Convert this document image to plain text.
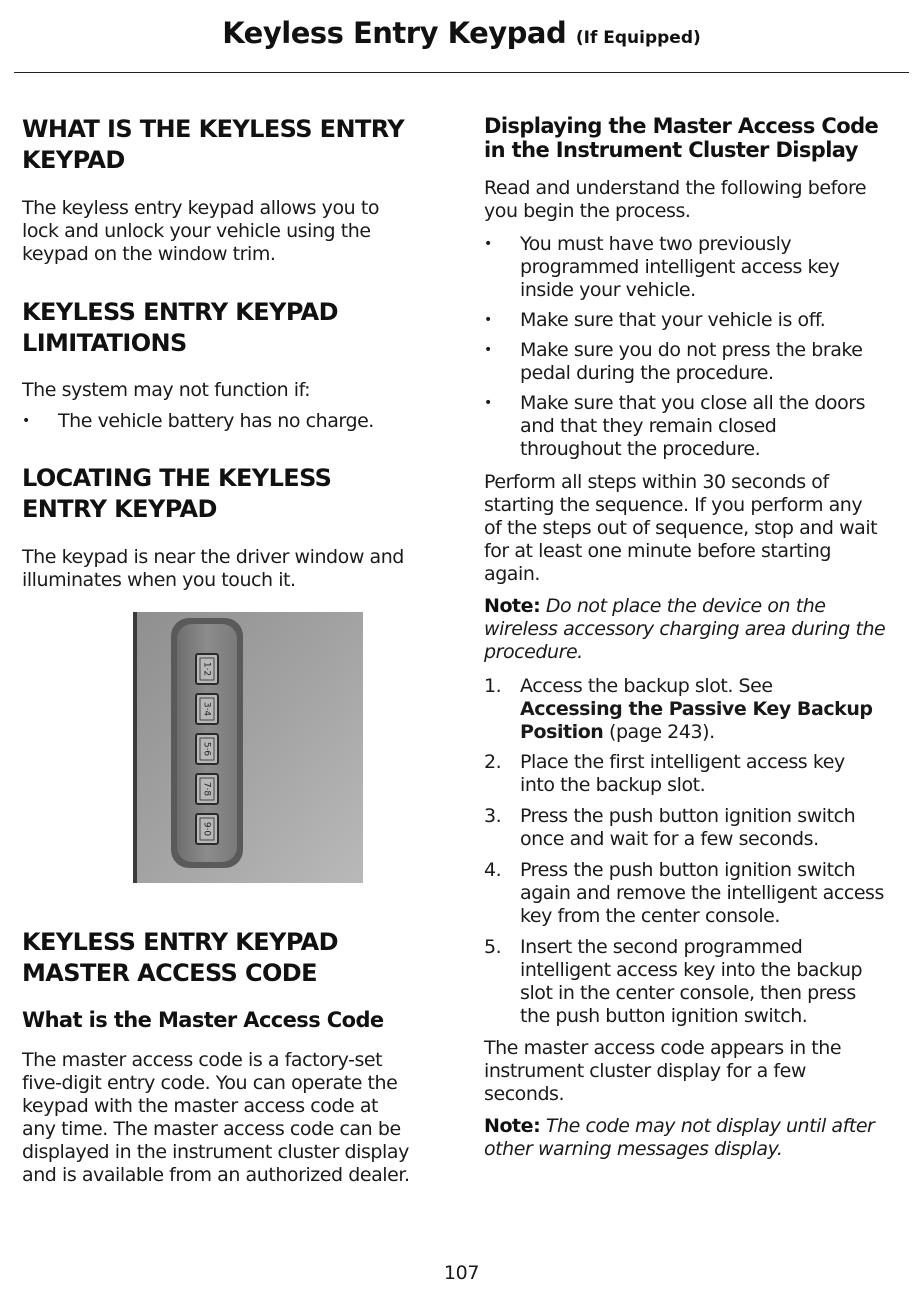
Keyless Entry Keypad (If Equipped)
WHAT IS THE KEYLESS ENTRY
KEYPAD

The keyless entry keypad allows you to
lock and unlock your vehicle using the
keypad on the window trim.

KEYLESS ENTRY KEYPAD
LIMITATIONS

The system may not function if:

•	The vehicle battery has no charge.
LOCATING THE KEYLESS
ENTRY KEYPAD

The keypad is near the driver window and
illuminates when you touch it.

KEYLESS ENTRY KEYPAD
MASTER ACCESS CODE
What is the Master Access Code

The master access code is a factory-set
five-digit entry code. You can operate the
keypad with the master access code at
any time. The master access code can be
displayed in the instrument cluster display
and is available from an authorized dealer.

1·2
3·4
5·6
7·8
9·0
Displaying the Master Access Code
in the Instrument Cluster Display

Read and understand the following before
you begin the process.

•	You must have two previously
programmed intelligent access key
inside your vehicle.
•	Make sure that your vehicle is off.
•	Make sure you do not press the brake
pedal during the procedure.
•	Make sure that you close all the doors
and that they remain closed
throughout the procedure.

Perform all steps within 30 seconds of
starting the sequence. If you perform any
of the steps out of sequence, stop and wait
for at least one minute before starting
again.

Note: Do not place the device on the
wireless accessory charging area during the
procedure.

1. Access the backup slot. See
Accessing the Passive Key Backup
Position (page 243).
2. Place the first intelligent access key
into the backup slot.
3. Press the push button ignition switch
once and wait for a few seconds.
4. Press the push button ignition switch
again and remove the intelligent access
key from the center console.
5. Insert the second programmed
intelligent access key into the backup
slot in the center console, then press
the push button ignition switch.

The master access code appears in the
instrument cluster display for a few
seconds.

Note: The code may not display until after
other warning messages display.

107
